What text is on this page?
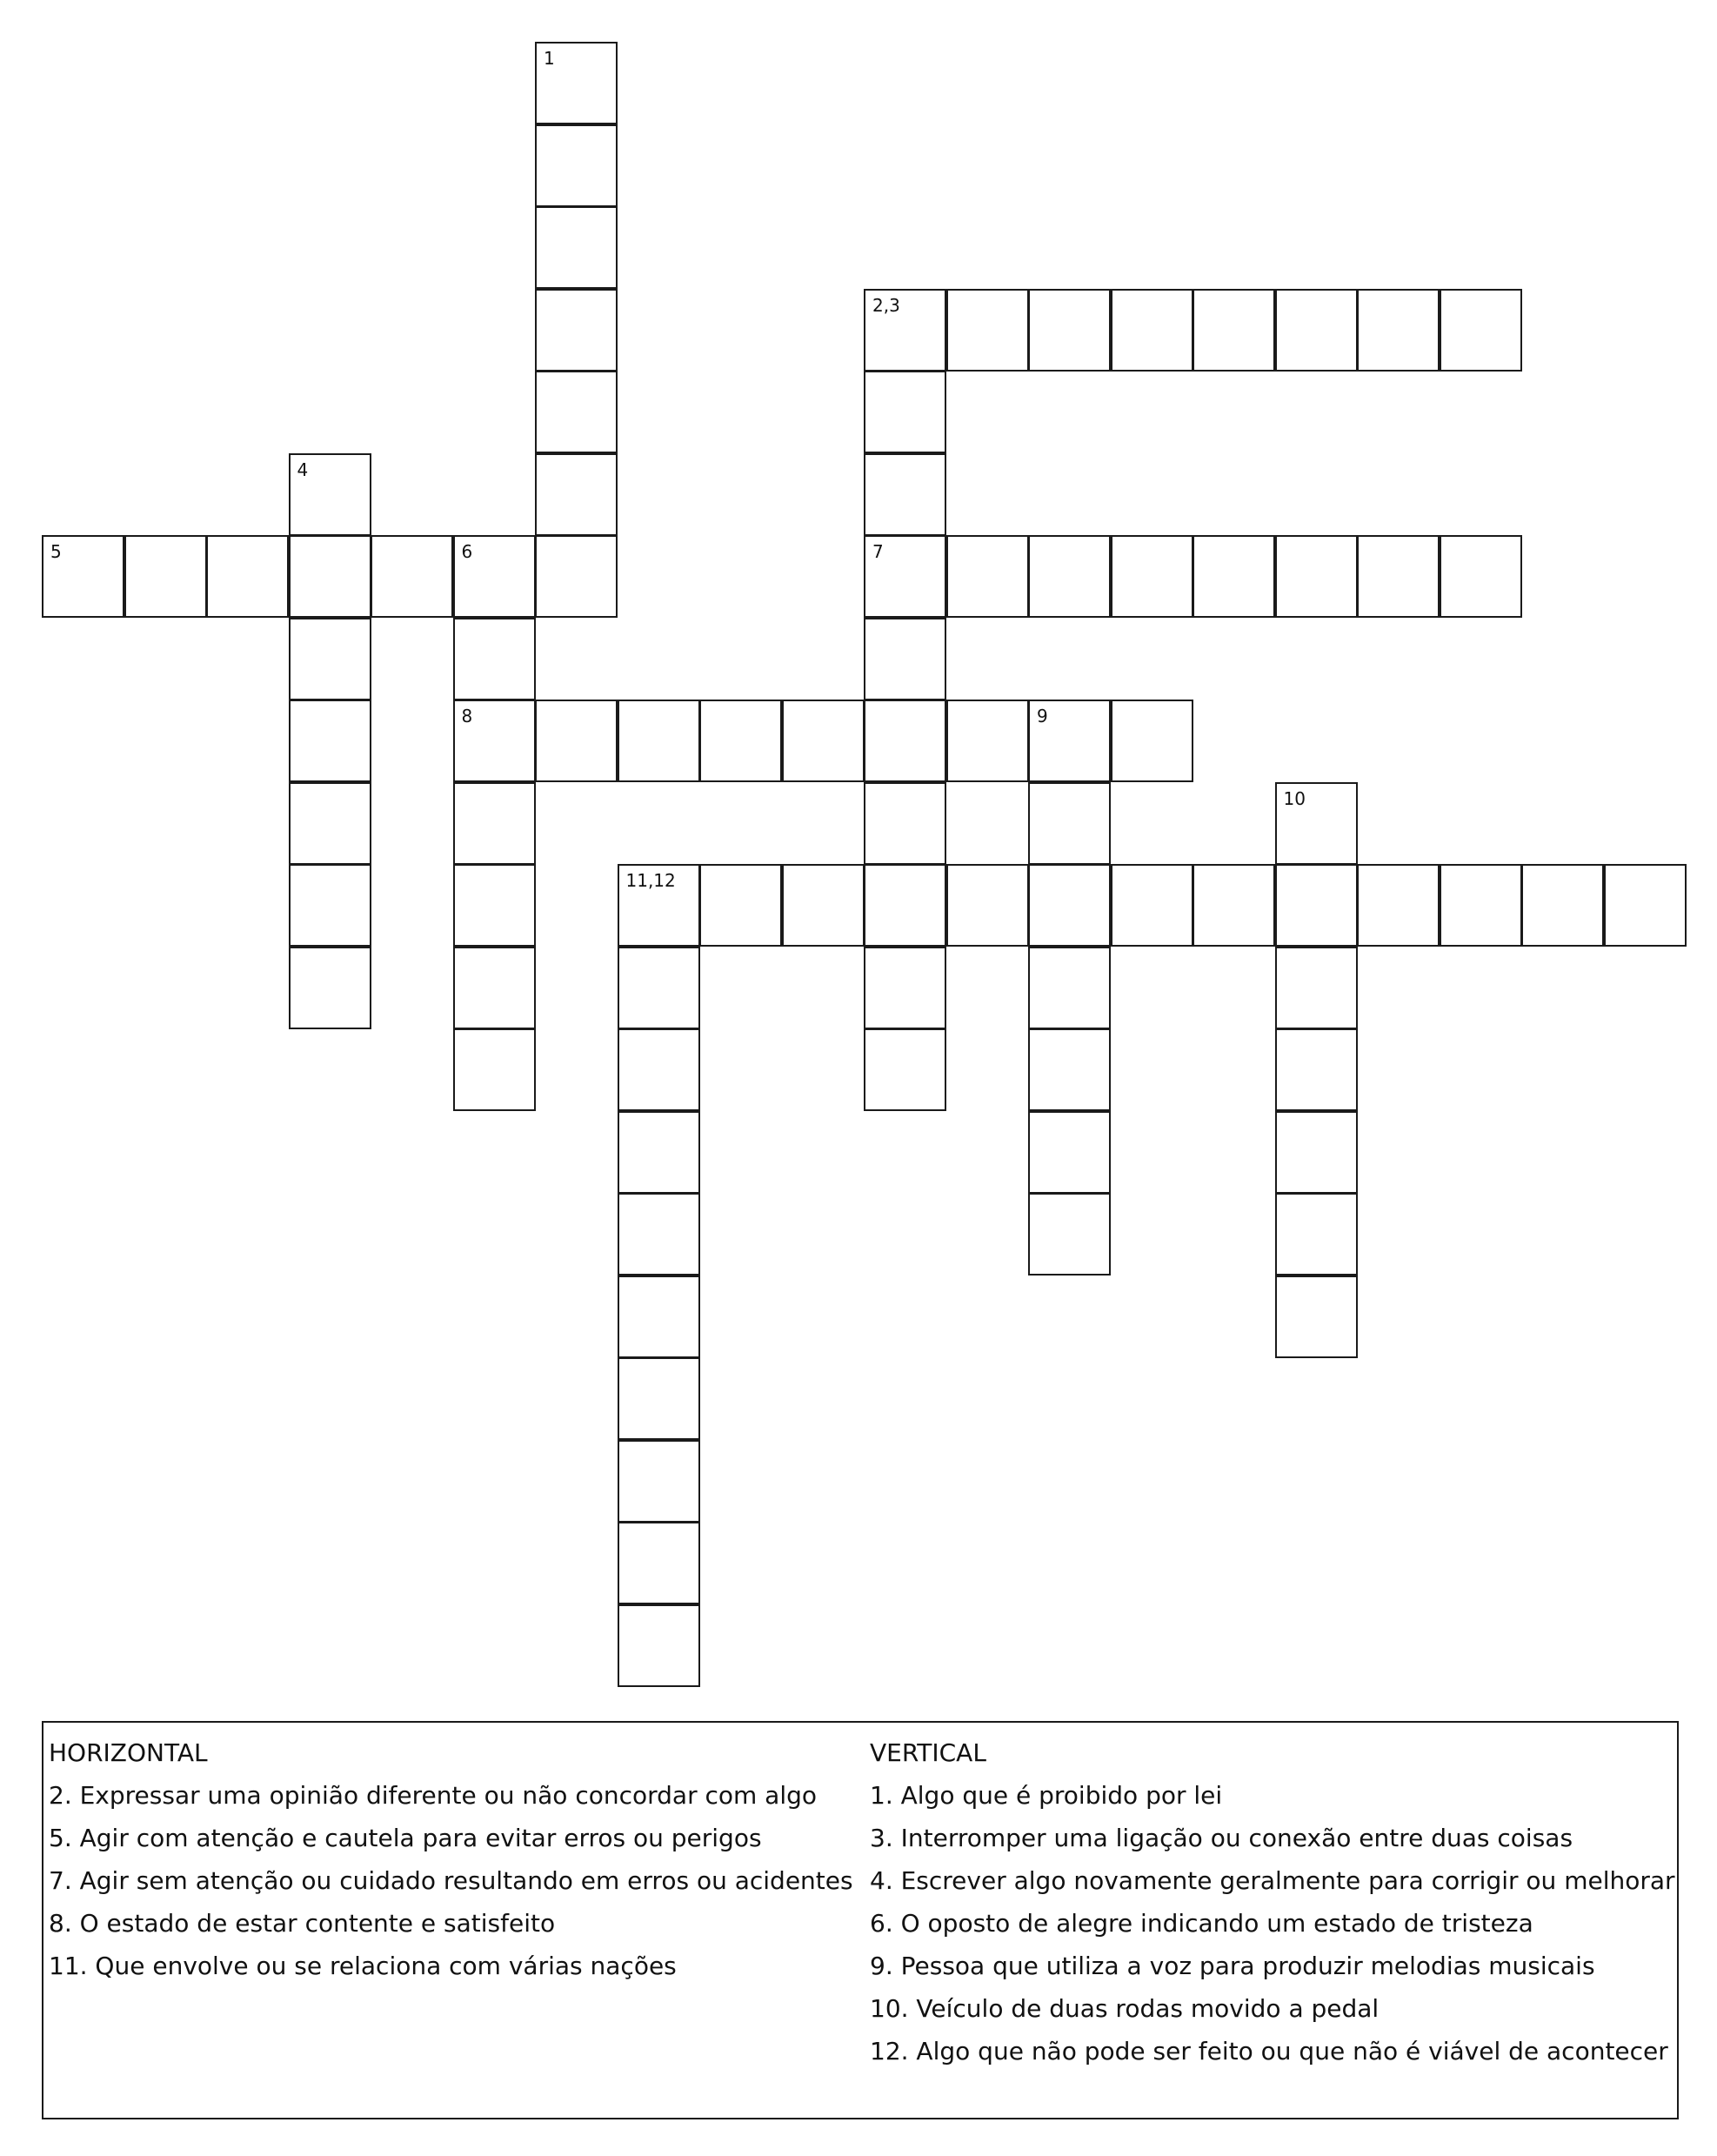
1
2,3
7
4
5	6
8	9
10
11,12
HORIZONTAL
2. Expressar uma opinião diferente ou não concordar com algo
5. Agir com atenção e cautela para evitar erros ou perigos
7. Agir sem atenção ou cuidado resultando em erros ou acidentes
8. O estado de estar contente e satisfeito
11. Que envolve ou se relaciona com várias nações
VERTICAL
1. Algo que é proibido por lei
3. Interromper uma ligação ou conexão entre duas coisas
4. Escrever algo novamente geralmente para corrigir ou melhorar
6. O oposto de alegre indicando um estado de tristeza
9. Pessoa que utiliza a voz para produzir melodias musicais
10. Veículo de duas rodas movido a pedal
12. Algo que não pode ser feito ou que não é viável de acontecer
